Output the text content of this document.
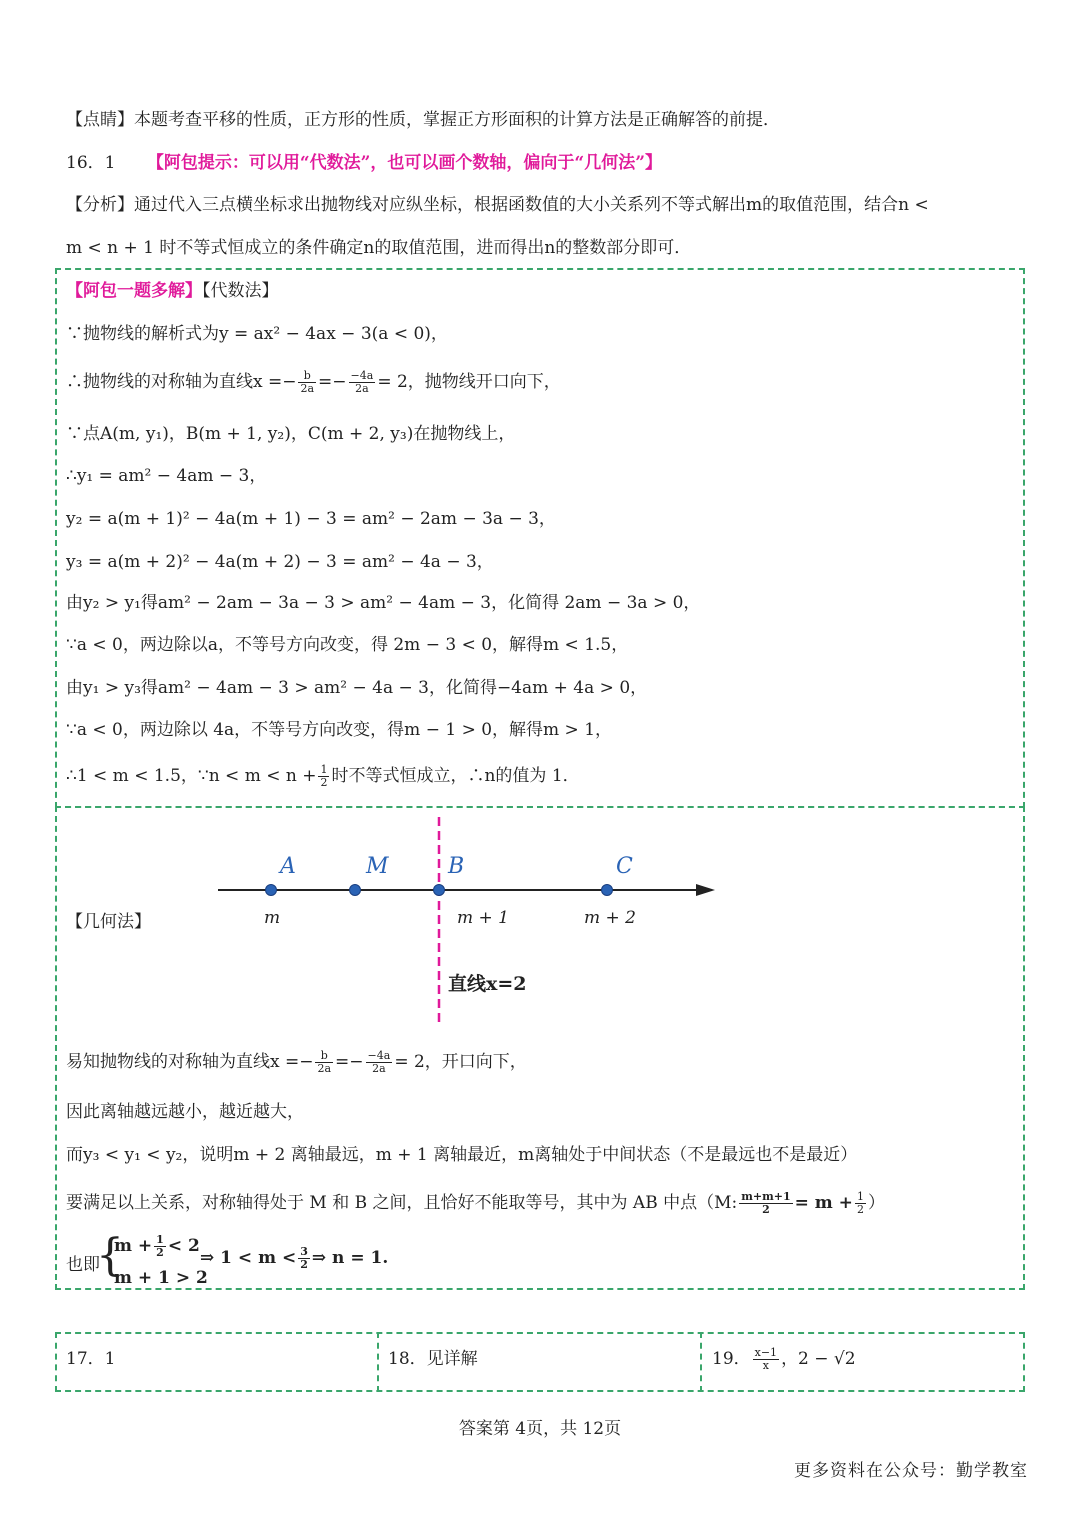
【点睛】本题考查平移的性质，正方形的性质，掌握正方形面积的计算方法是正确解答的前提．
16．1 【阿包提示：可以用“代数法”，也可以画个数轴，偏向于“几何法”】
【分析】通过代入三点横坐标求出抛物线对应纵坐标，根据函数值的大小关系列不等式解出m的取值范围，结合n <
m < n + 1 时不等式恒成立的条件确定n的取值范围，进而得出n的整数部分即可．
【阿包一题多解】【代数法】
∵抛物线的解析式为y = ax² − 4ax − 3(a < 0)，
∴抛物线的对称轴为直线$x =- \frac{b}{2a} =- \frac{-4a}{2a} = 2$，抛物线开口向下，
∵点A(m, y₁)，B(m + 1, y₂)，C(m + 2, y₃)在抛物线上，
∴y₁ = am² − 4am − 3，
y₂ = a(m + 1)² − 4a(m + 1) − 3 = am² − 2am − 3a − 3，
y₃ = a(m + 2)² − 4a(m + 2) − 3 = am² − 4a − 3，
由y₂ > y₁得am² − 2am − 3a − 3 > am² − 4am − 3，化简得 2am − 3a > 0，
∵a < 0，两边除以a，不等号方向改变，得 2m − 3 < 0，解得m < 1.5，
由y₁ > y₃得am² − 4am − 3 > am² − 4a − 3，化简得−4am + 4a > 0，
∵a < 0，两边除以 4a，不等号方向改变，得m − 1 > 0，解得m > 1，
∴1 < m < 1.5，∵n < $m < n + \frac{1}{2}$ 时不等式恒成立，∴n的值为 1．
【几何法】
A	M	B	C
m	m + 1	m + 2
直线x=2
易知抛物线的对称轴为直线$x =- \frac{b}{2a} =- \frac{-4a}{2a} = 2$，开口向下，
因此离轴越远越小，越近越大，
而y₃ < y₁ < y₂，说明m + 2 离轴最远，m + 1 离轴最近，m离轴处于中间状态（不是最远也不是最近）
要满足以上关系，对称轴得处于 M 和 B 之间，且恰好不能取等号，其中为 AB 中点（M: $\frac{m+m+1}{2} = m + \frac{1}{2}$ ）
也即
{
$m + \frac{1}{2} < 2$
m + 1 > 2
⇒ $1 < m < \frac{3}{2}$ ⇒ n = 1.
17．1	18．见详解	19． $\frac{x-1}{x}$ ，2 − √2
答案第 4页，共 12页
更多资料在公众号：勤学教室
